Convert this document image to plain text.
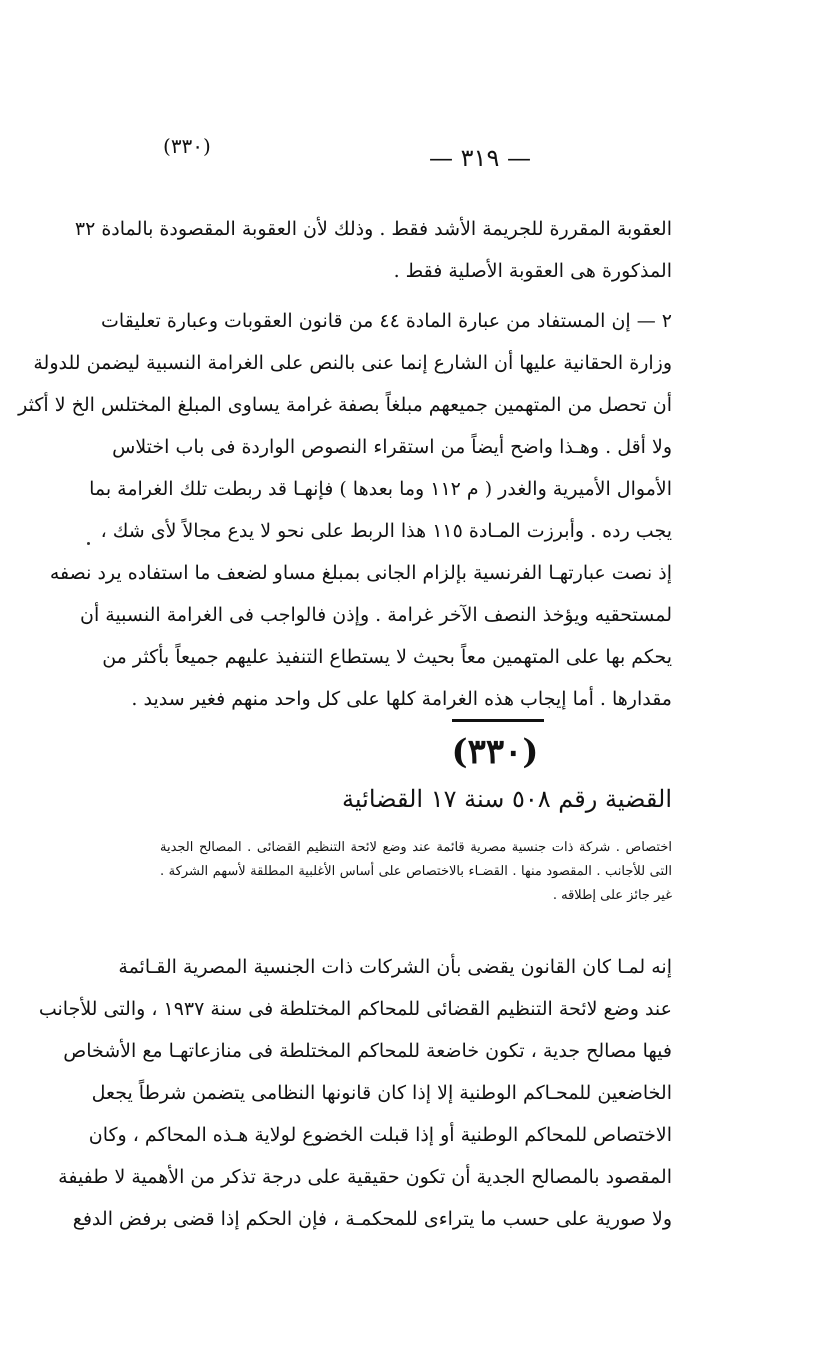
(٣٣٠)	— ٣١٩ —
العقوبة المقررة للجريمة الأشد فقط . وذلك لأن العقوبة المقصودة بالمادة ٣٢
المذكورة هى العقوبة الأصلية فقط .
٢ — إن المستفاد من عبارة المادة ٤٤ من قانون العقوبات وعبارة تعليقات
وزارة الحقانية عليها أن الشارع إنما عنى بالنص على الغرامة النسبية ليضمن للدولة
أن تحصل من المتهمين جميعهم مبلغاً بصفة غرامة يساوى المبلغ المختلس الخ لا أكثر
ولا أقل . وهـذا واضح أيضاً من استقراء النصوص الواردة فى باب اختلاس
الأموال الأميرية والغدر ( م ١١٢ وما بعدها ) فإنهـا قد ربطت تلك الغرامة بما
يجب رده . وأبرزت المـادة ١١٥ هذا الربط على نحو لا يدع مجالاً لأى شك ،
إذ نصت عبارتهـا الفرنسية بإلزام الجانى بمبلغ مساو لضعف ما استفاده يرد نصفه
لمستحقيه ويؤخذ النصف الآخر غرامة . وإذن فالواجب فى الغرامة النسبية أن
يحكم بها على المتهمين معاً بحيث لا يستطاع التنفيذ عليهم جميعاً بأكثر من
مقدارها . أما إيجاب هذه الغرامة كلها على كل واحد منهم فغير سديد .
(٣٣٠)
القضية رقم ٥٠٨ سنة ١٧ القضائية
اختصاص . شركة ذات جنسية مصرية قائمة عند وضع لائحة التنظيم القضائى . المصالح الجدية
التى للأجانب . المقصود منها . القضـاء بالاختصاص على أساس الأغلبية المطلقة لأسهم الشركة .
غير جائز على إطلاقه .
إنه لمـا كان القانون يقضى بأن الشركات ذات الجنسية المصرية القـائمة
عند وضع لائحة التنظيم القضائى للمحاكم المختلطة فى سنة ١٩٣٧ ، والتى للأجانب
فيها مصالح جدية ، تكون خاضعة للمحاكم المختلطة فى منازعاتهـا مع الأشخاص
الخاضعين للمحـاكم الوطنية إلا إذا كان قانونها النظامى يتضمن شرطاً يجعل
الاختصاص للمحاكم الوطنية أو إذا قبلت الخضوع لولاية هـذه المحاكم ، وكان
المقصود بالمصالح الجدية أن تكون حقيقية على درجة تذكر من الأهمية لا طفيفة
ولا صورية على حسب ما يتراءى للمحكمـة ، فإن الحكم إذا قضى برفض الدفع
